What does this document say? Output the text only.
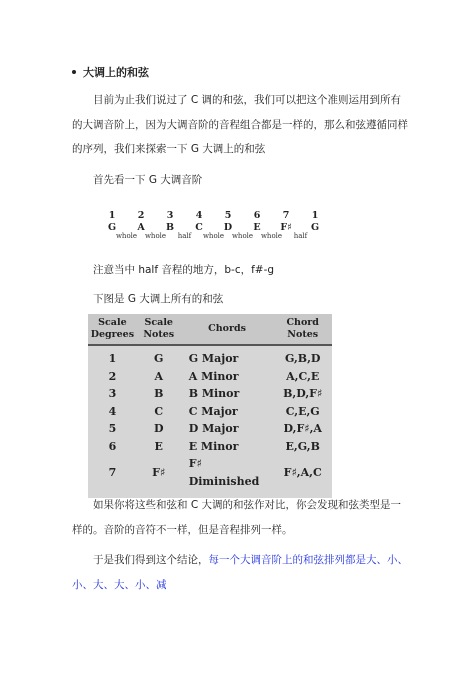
大调上的和弦

目前为止我们说过了 C 调的和弦，我们可以把这个准则运用到所有的大调音阶上，因为大调音阶的音程组合都是一样的，那么和弦遵循同样的序列，我们来探索一下 G 大调上的和弦

首先看一下 G 大调音阶
1 2 3 4 5 6 7 1
G A B C D E F♯ G
whole whole half whole whole whole half
注意当中 half 音程的地方，b-c，f#-g
下图是 G 大调上所有的和弦
Scale Degrees	Scale Notes	Chords	Chord Notes
1	G	G Major	G,B,D
2	A	A Minor	A,C,E
3	B	B Minor	B,D,F♯
4	C	C Major	C,E,G
5	D	D Major	D,F♯,A
6	E	E Minor	E,G,B
7	F♯	F♯ Diminished	F♯,A,C

如果你将这些和弦和 C 大调的和弦作对比，你会发现和弦类型是一样的。音阶的音符不一样，但是音程排列一样。

于是我们得到这个结论，每一个大调音阶上的和弦排列都是大、小、小、大、大、小、减
